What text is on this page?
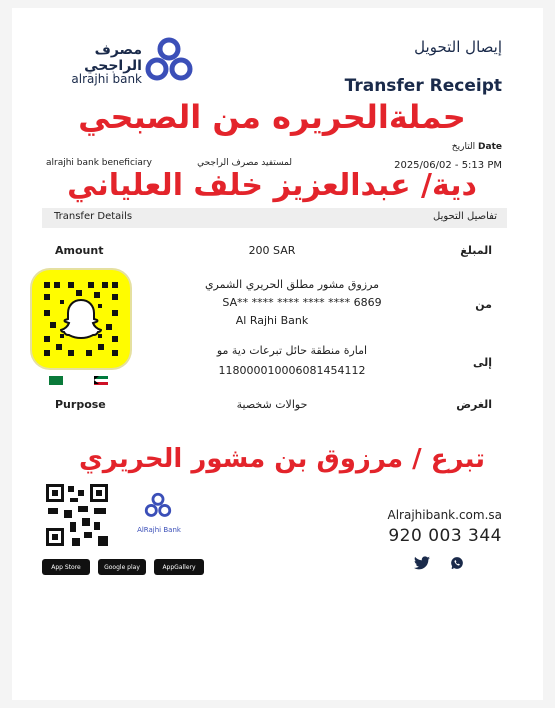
مصرف الراجحي
alrajhi bank
إيصال التحويل
Transfer Receipt
alrajhi bank beneficiary	لمستفيد مصرف الراجحي
التاريخ Date
2025/06/02 - 5:13 PM
حملةالحريره من الصبحي
دية/ عبدالعزيز خلف العلياني
Transfer Details	تفاصيل التحويل
Amount	200 SAR	المبلغ
مرزوق مشور مطلق الحريري الشمري
SA** **** **** **** **** 6869
Al Rajhi Bank
من
امارة منطقة حائل تبرعات دية مو
118000010006081454112
إلى
Purpose	حوالات شخصية	الغرض
تبرع / مرزوق بن مشور الحريري
AlRajhi Bank
App Store	Google play	AppGallery
Alrajhibank.com.sa
920 003 344
